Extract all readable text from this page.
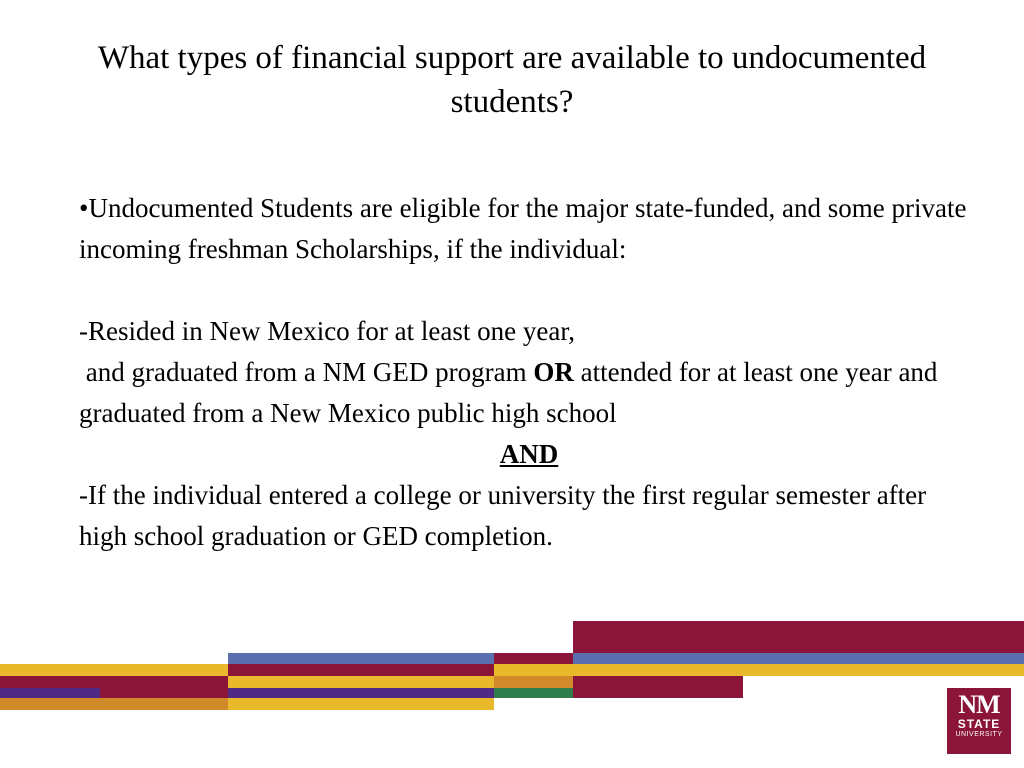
What types of financial support are available to undocumented students?

•Undocumented Students are eligible for the major state-funded, and some private incoming freshman Scholarships, if the individual:

-Resided in New Mexico for at least one year,

and graduated from a NM GED program OR attended for at least one year and graduated from a New Mexico public high school

AND

-If the individual entered a college or university the first regular semester after high school graduation or GED completion.

NM
STATE
UNIVERSITY
